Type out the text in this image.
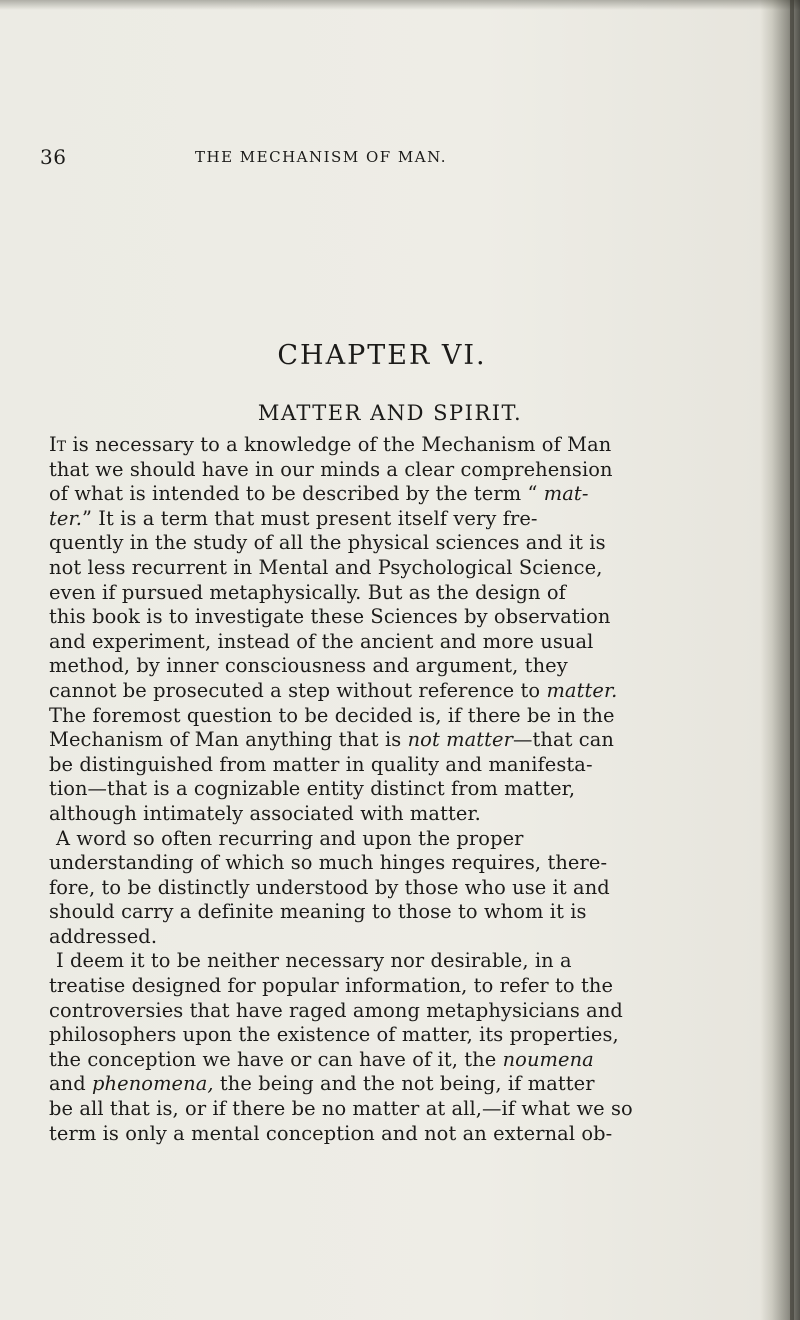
36	THE MECHANISM OF MAN.
CHAPTER VI.
MATTER AND SPIRIT.
It is necessary to a knowledge of the Mechanism of Man
that we should have in our minds a clear comprehension
of what is intended to be described by the term “ mat-
ter.” It is a term that must present itself very fre-
quently in the study of all the physical sciences and it is
not less recurrent in Mental and Psychological Science,
even if pursued metaphysically. But as the design of
this book is to investigate these Sciences by observation
and experiment, instead of the ancient and more usual
method, by inner consciousness and argument, they
cannot be prosecuted a step without reference to matter.
The foremost question to be decided is, if there be in the
Mechanism of Man anything that is not matter—that can
be distinguished from matter in quality and manifesta-
tion—that is a cognizable entity distinct from matter,
although intimately associated with matter.
A word so often recurring and upon the proper
understanding of which so much hinges requires, there-
fore, to be distinctly understood by those who use it and
should carry a definite meaning to those to whom it is
addressed.
I deem it to be neither necessary nor desirable, in a
treatise designed for popular information, to refer to the
controversies that have raged among metaphysicians and
philosophers upon the existence of matter, its properties,
the conception we have or can have of it, the noumena
and phenomena, the being and the not being, if matter
be all that is, or if there be no matter at all,—if what we so
term is only a mental conception and not an external ob-
